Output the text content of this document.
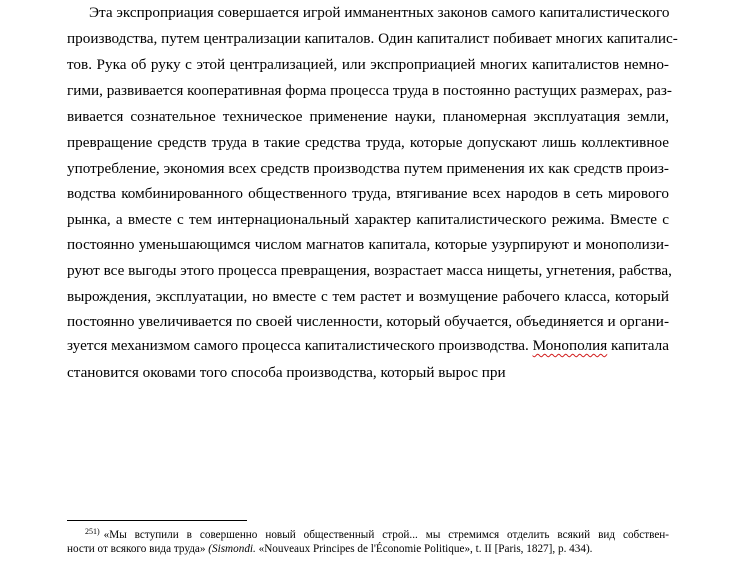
Эта экспроприация совершается игрой имманентных законов самого капиталистического
производства, путем централизации капиталов. Один капиталист побивает многих капиталис-
тов. Рука об руку с этой централизацией, или экспроприацией многих капиталистов немно-
гими, развивается кооперативная форма процесса труда в постоянно растущих размерах, раз-
вивается сознательное техническое применение науки, планомерная эксплуатация земли,
превращение средств труда в такие средства труда, которые допускают лишь коллективное
употребление, экономия всех средств производства путем применения их как средств произ-
водства комбинированного общественного труда, втягивание всех народов в сеть мирового
рынка, а вместе с тем интернациональный характер капиталистического режима. Вместе с
постоянно уменьшающимся числом магнатов капитала, которые узурпируют и монополизи-
руют все выгоды этого процесса превращения, возрастает масса нищеты, угнетения, рабства,
вырождения, эксплуатации, но вместе с тем растет и возмущение рабочего класса, который
постоянно увеличивается по своей численности, который обучается, объединяется и органи-
зуется механизмом самого процесса капиталистического производства. Монополия капитала
становится оковами того способа производства, который вырос при
$^{251)}$ «Мы вступили в совершенно новый общественный строй... мы стремимся отделить всякий вид собствен-
ности от всякого вида труда» (Sismondi. «Nouveaux Principes de l'Économie Politique», t. II [Paris, 1827], p. 434).
